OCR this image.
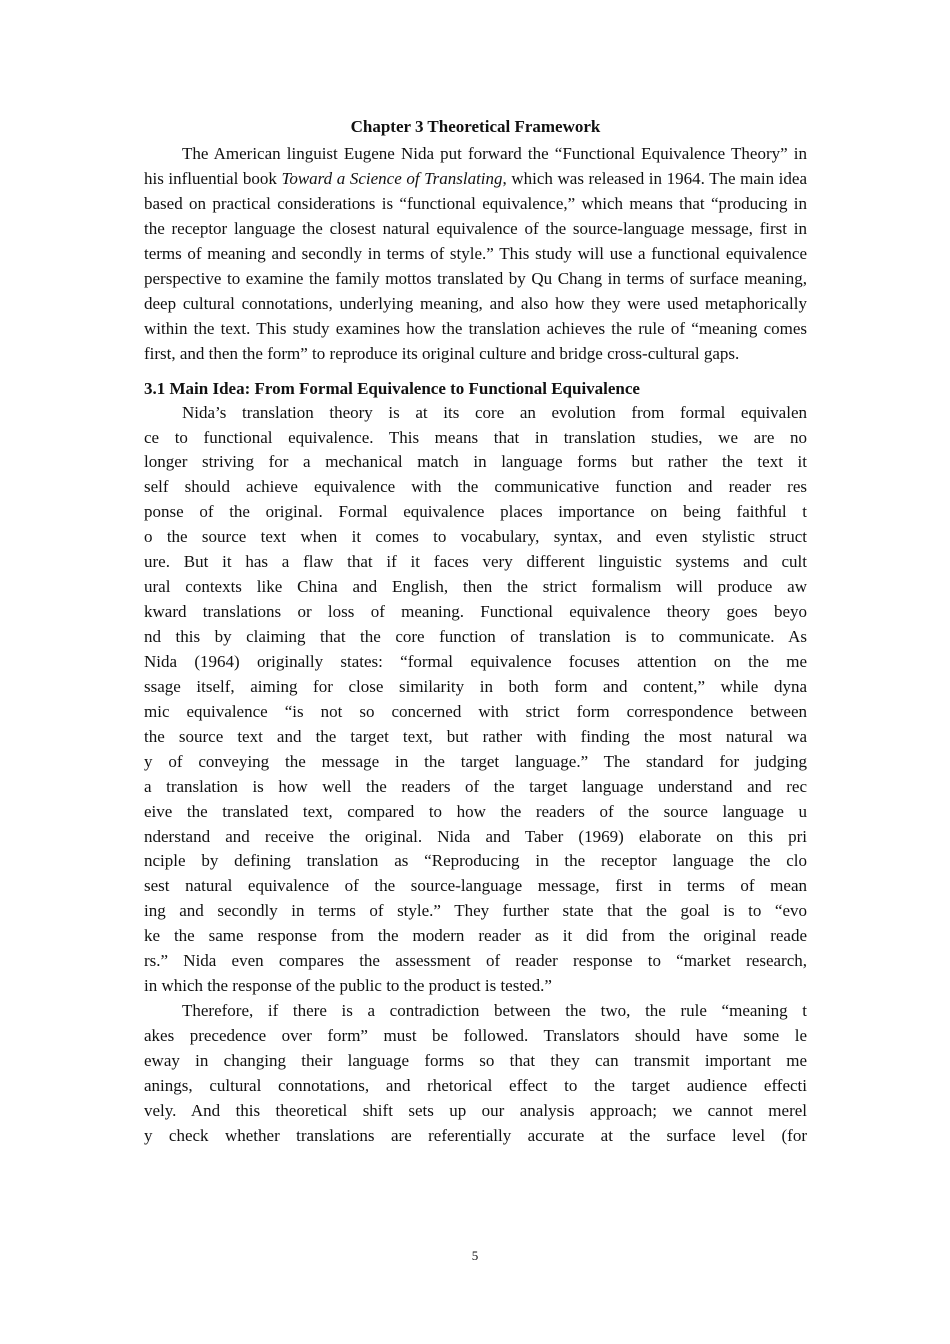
Chapter 3 Theoretical Framework

The American linguist Eugene Nida put forward the “Functional Equivalence Theory” in his influential book Toward a Science of Translating, which was released in 1964. The main idea based on practical considerations is “functional equivalence,” which means that “producing in the receptor language the closest natural equivalence of the source-language message, first in terms of meaning and secondly in terms of style.” This study will use a functional equivalence perspective to examine the family mottos translated by Qu Chang in terms of surface meaning, deep cultural connotations, underlying meaning, and also how they were used metaphorically within the text. This study examines how the translation achieves the rule of “meaning comes first, and then the form” to reproduce its original culture and bridge cross-cultural gaps.

3.1 Main Idea: From Formal Equivalence to Functional Equivalence
Nida’s translation theory is at its core an evolution from formal equivalen
ce to functional equivalence. This means that in translation studies, we are no
longer striving for a mechanical match in language forms but rather the text it
self should achieve equivalence with the communicative function and reader res
ponse of the original. Formal equivalence places importance on being faithful t
o the source text when it comes to vocabulary, syntax, and even stylistic struct
ure. But it has a flaw that if it faces very different linguistic systems and cult
ural contexts like China and English, then the strict formalism will produce aw
kward translations or loss of meaning. Functional equivalence theory goes beyo
nd this by claiming that the core function of translation is to communicate. As
Nida (1964) originally states: “formal equivalence focuses attention on the me
ssage itself, aiming for close similarity in both form and content,” while dyna
mic equivalence “is not so concerned with strict form correspondence between
the source text and the target text, but rather with finding the most natural wa
y of conveying the message in the target language.” The standard for judging
a translation is how well the readers of the target language understand and rec
eive the translated text, compared to how the readers of the source language u
nderstand and receive the original. Nida and Taber (1969) elaborate on this pri
nciple by defining translation as “Reproducing in the receptor language the clo
sest natural equivalence of the source-language message, first in terms of mean
ing and secondly in terms of style.” They further state that the goal is to “evo
ke the same response from the modern reader as it did from the original reade
rs.” Nida even compares the assessment of reader response to “market research,
in which the response of the public to the product is tested.”
Therefore, if there is a contradiction between the two, the rule “meaning t
akes precedence over form” must be followed. Translators should have some le
eway in changing their language forms so that they can transmit important me
anings, cultural connotations, and rhetorical effect to the target audience effecti
vely. And this theoretical shift sets up our analysis approach; we cannot merel
y check whether translations are referentially accurate at the surface level (for
5
